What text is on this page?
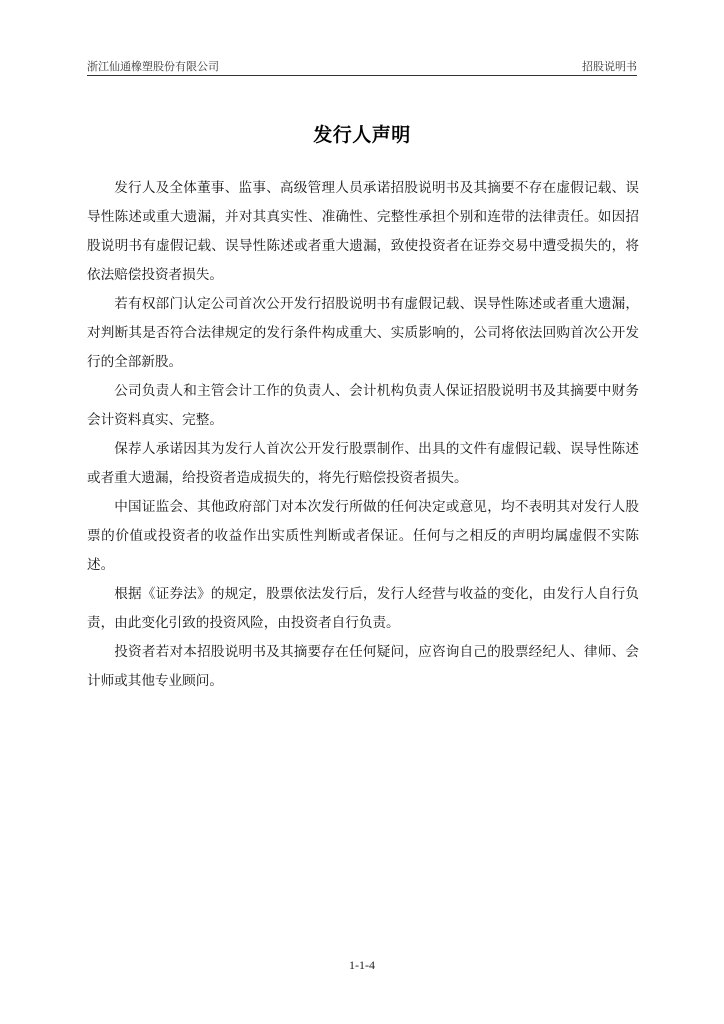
浙江仙通橡塑股份有限公司	招股说明书
发行人声明

发行人及全体董事、监事、高级管理人员承诺招股说明书及其摘要不存在虚假记载、误导性陈述或重大遗漏，并对其真实性、准确性、完整性承担个别和连带的法律责任。如因招股说明书有虚假记载、误导性陈述或者重大遗漏，致使投资者在证券交易中遭受损失的，将依法赔偿投资者损失。

若有权部门认定公司首次公开发行招股说明书有虚假记载、误导性陈述或者重大遗漏，对判断其是否符合法律规定的发行条件构成重大、实质影响的，公司将依法回购首次公开发行的全部新股。

公司负责人和主管会计工作的负责人、会计机构负责人保证招股说明书及其摘要中财务会计资料真实、完整。

保荐人承诺因其为发行人首次公开发行股票制作、出具的文件有虚假记载、误导性陈述或者重大遗漏，给投资者造成损失的，将先行赔偿投资者损失。

中国证监会、其他政府部门对本次发行所做的任何决定或意见，均不表明其对发行人股票的价值或投资者的收益作出实质性判断或者保证。任何与之相反的声明均属虚假不实陈述。

根据《证券法》的规定，股票依法发行后，发行人经营与收益的变化，由发行人自行负责，由此变化引致的投资风险，由投资者自行负责。

投资者若对本招股说明书及其摘要存在任何疑问，应咨询自己的股票经纪人、律师、会计师或其他专业顾问。

1-1-4
